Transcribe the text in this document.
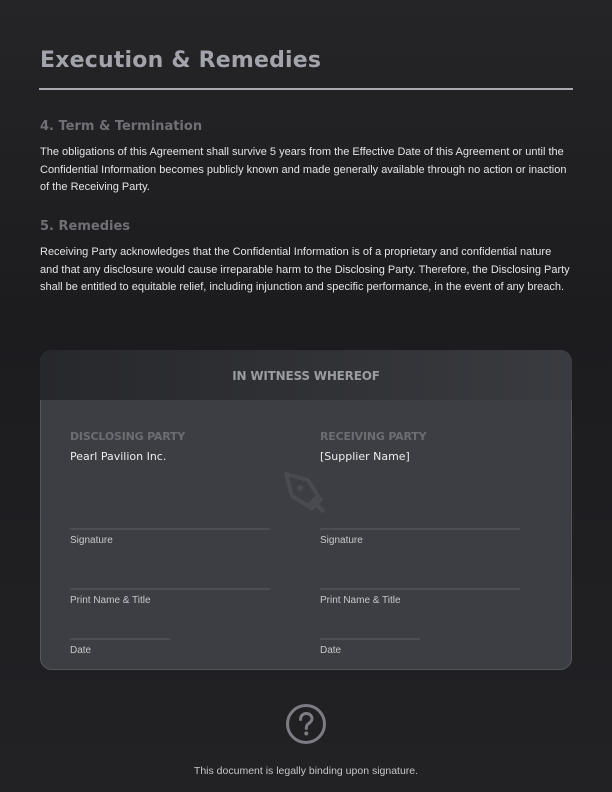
Execution & Remedies
4. Term & Termination

The obligations of this Agreement shall survive 5 years from the Effective Date of this Agreement or until the Confidential Information becomes publicly known and made generally available through no action or inaction of the Receiving Party.

5. Remedies

Receiving Party acknowledges that the Confidential Information is of a proprietary and confidential nature and that any disclosure would cause irreparable harm to the Disclosing Party. Therefore, the Disclosing Party shall be entitled to equitable relief, including injunction and specific performance, in the event of any breach.

IN WITNESS WHEREOF
DISCLOSING PARTY
Pearl Pavilion Inc.
Signature
Print Name & Title
Date
RECEIVING PARTY
[Supplier Name]
Signature
Print Name & Title
Date
This document is legally binding upon signature.
